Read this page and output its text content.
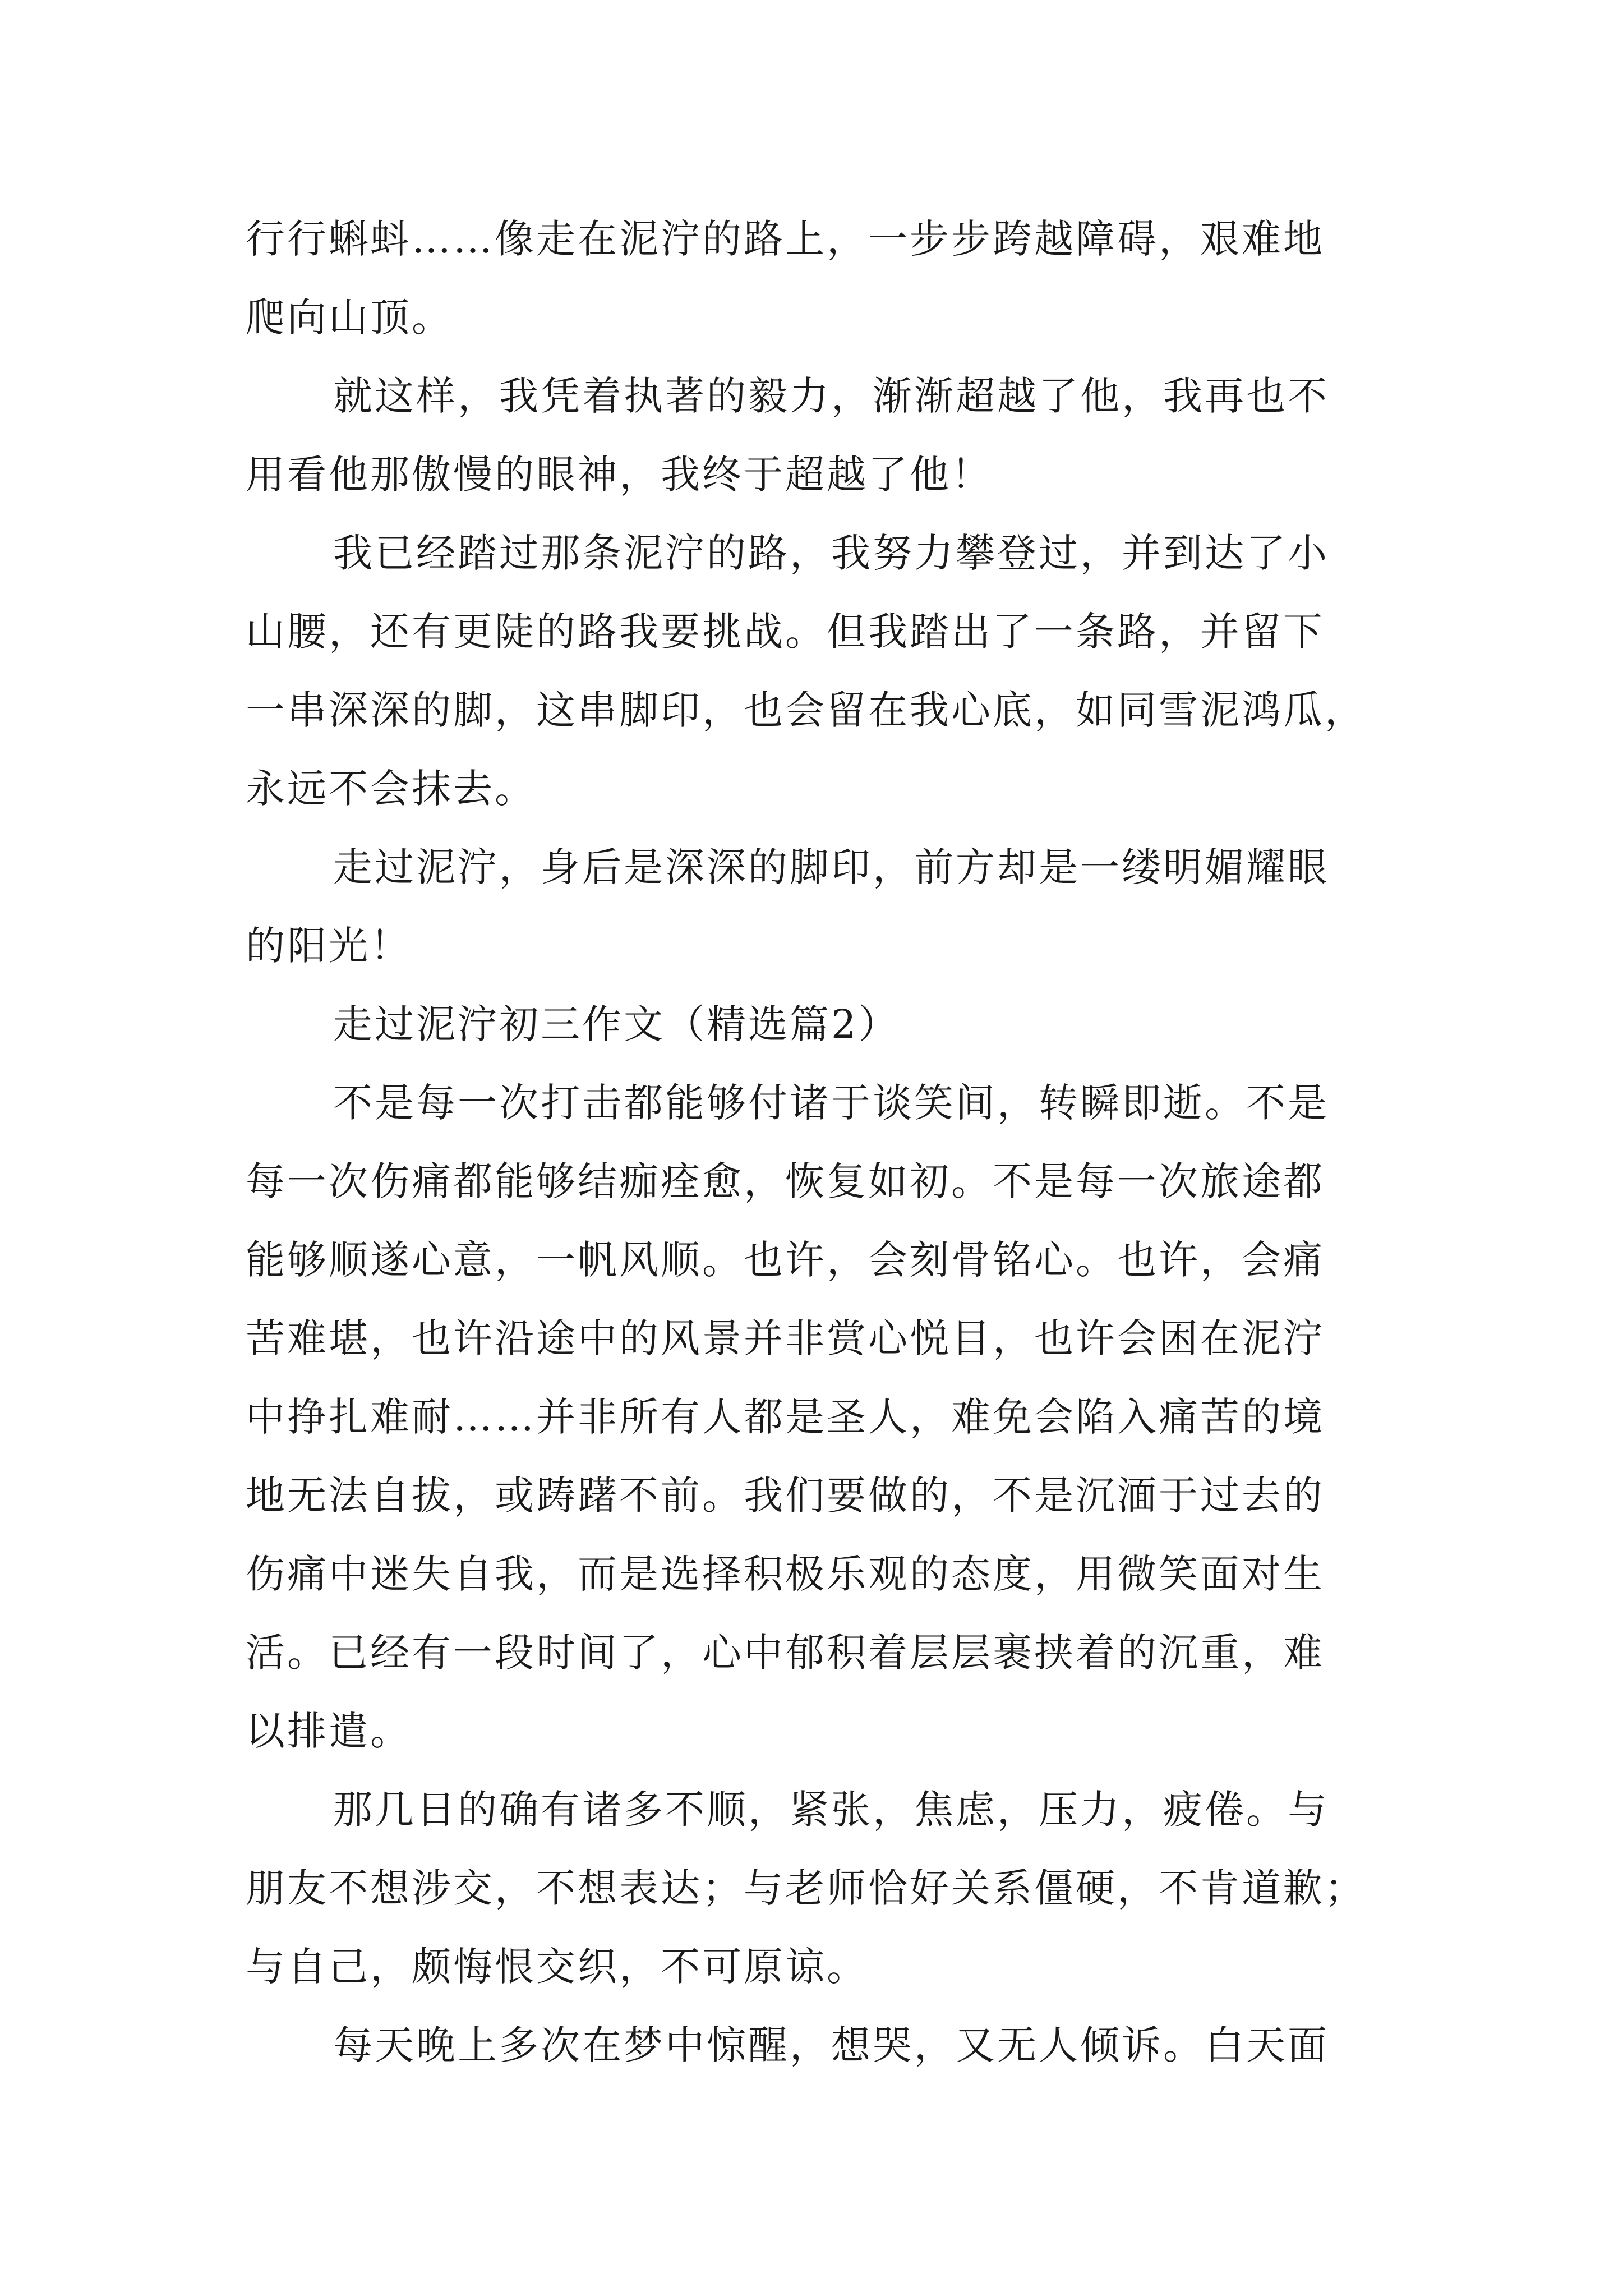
行行蝌蚪……像走在泥泞的路上，一步步跨越障碍，艰难地
爬向山顶。
就这样，我凭着执著的毅力，渐渐超越了他，我再也不
用看他那傲慢的眼神，我终于超越了他！
我已经踏过那条泥泞的路，我努力攀登过，并到达了小
山腰，还有更陡的路我要挑战。但我踏出了一条路，并留下
一串深深的脚，这串脚印，也会留在我心底，如同雪泥鸿瓜，
永远不会抹去。
走过泥泞，身后是深深的脚印，前方却是一缕明媚耀眼
的阳光！
走过泥泞初三作文（精选篇2）
不是每一次打击都能够付诸于谈笑间，转瞬即逝。不是
每一次伤痛都能够结痂痊愈，恢复如初。不是每一次旅途都
能够顺遂心意，一帆风顺。也许，会刻骨铭心。也许，会痛
苦难堪，也许沿途中的风景并非赏心悦目，也许会困在泥泞
中挣扎难耐……并非所有人都是圣人，难免会陷入痛苦的境
地无法自拔，或踌躇不前。我们要做的，不是沉湎于过去的
伤痛中迷失自我，而是选择积极乐观的态度，用微笑面对生
活。已经有一段时间了，心中郁积着层层裹挟着的沉重，难
以排遣。
那几日的确有诸多不顺，紧张，焦虑，压力，疲倦。与
朋友不想涉交，不想表达；与老师恰好关系僵硬，不肯道歉；
与自己，颇悔恨交织，不可原谅。
每天晚上多次在梦中惊醒，想哭，又无人倾诉。白天面
